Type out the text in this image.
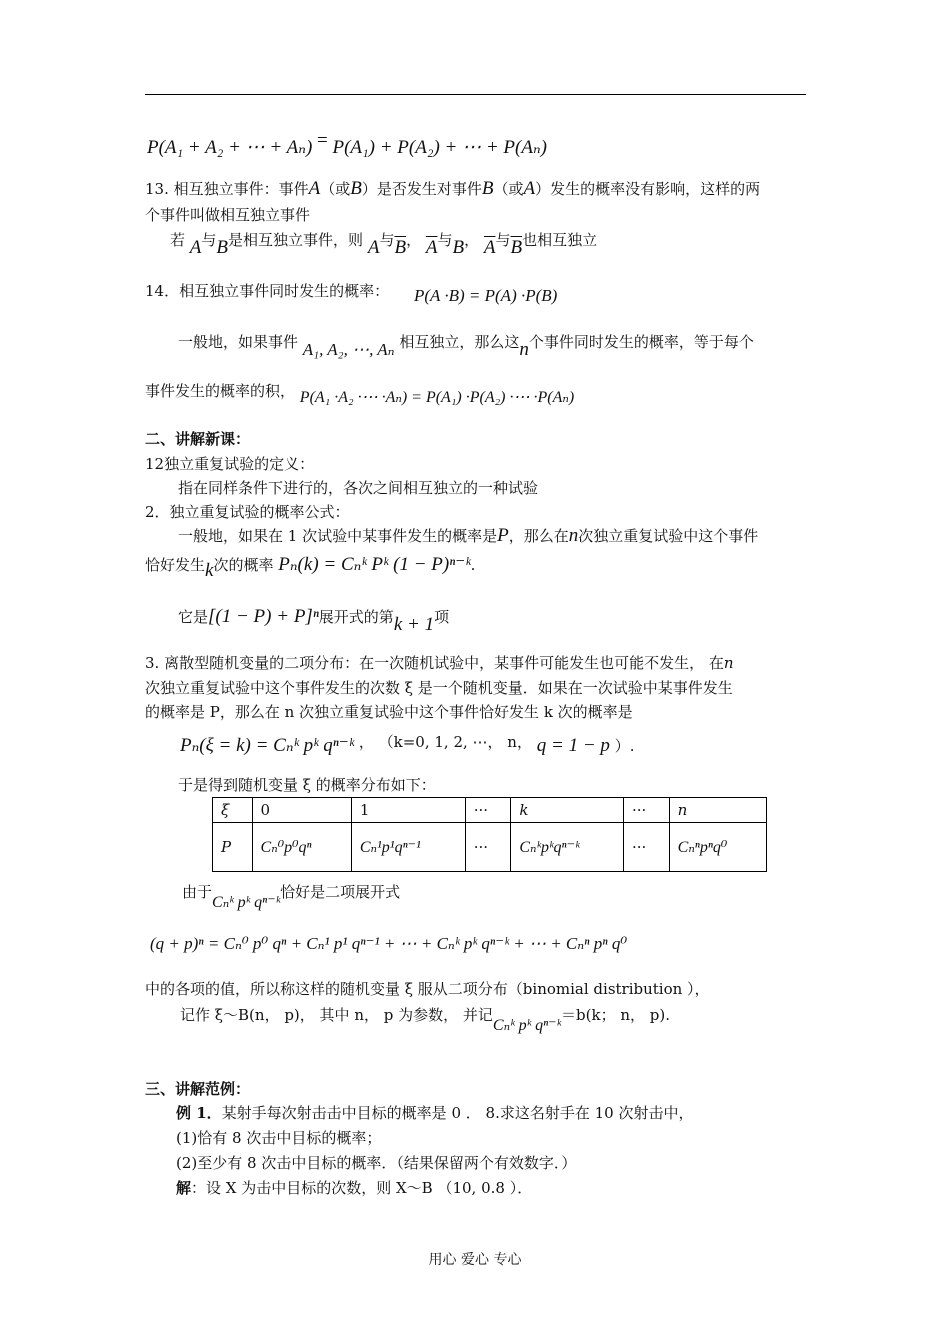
P(A₁ + A₂ + ⋯ + Aₙ) = P(A₁) + P(A₂) + ⋯ + P(Aₙ)
13. 相互独立事件：事件A（或B）是否发生对事件B（或A）发生的概率没有影响，这样的两
个事件叫做相互独立事件
若 A与B是相互独立事件，则 A与$\overline{B}$， $\overline{A}$与B， $\overline{A}$与$\overline{B}$也相互独立
14．相互独立事件同时发生的概率： P(A ·B) = P(A) ·P(B)
一般地，如果事件 A₁, A₂, ⋯, Aₙ 相互独立，那么这n个事件同时发生的概率，等于每个
事件发生的概率的积， P(A₁ ·A₂ ·⋯ ·Aₙ) = P(A₁) ·P(A₂) ·⋯ ·P(Aₙ)
二、讲解新课：
12独立重复试验的定义：
指在同样条件下进行的，各次之间相互独立的一种试验
2．独立重复试验的概率公式：
一般地，如果在 1 次试验中某事件发生的概率是P，那么在n次独立重复试验中这个事件
恰好发生k次的概率 Pₙ(k) = Cₙᵏ Pᵏ (1 − P)ⁿ⁻ᵏ.
它是[(1 − P) + P]ⁿ展开式的第k + 1项
3. 离散型随机变量的二项分布：在一次随机试验中，某事件可能发生也可能不发生， 在n
次独立重复试验中这个事件发生的次数 ξ 是一个随机变量．如果在一次试验中某事件发生
的概率是 P，那么在 n 次独立重复试验中这个事件恰好发生 k 次的概率是
Pₙ(ξ = k) = Cₙᵏ pᵏ qⁿ⁻ᵏ ， （k=0, 1, 2, ⋯， n， q = 1 − p ）.
于是得到随机变量 ξ 的概率分布如下：
ξ	0	1	···	k	···	n
P	Cₙ⁰p⁰qⁿ	Cₙ¹p¹qⁿ⁻¹	···	Cₙᵏpᵏqⁿ⁻ᵏ	···	Cₙⁿpⁿq⁰
由于Cₙᵏ pᵏ qⁿ⁻ᵏ恰好是二项展开式
(q + p)ⁿ = Cₙ⁰ p⁰ qⁿ + Cₙ¹ p¹ qⁿ⁻¹ + ⋯ + Cₙᵏ pᵏ qⁿ⁻ᵏ + ⋯ + Cₙⁿ pⁿ q⁰
中的各项的值，所以称这样的随机变量 ξ 服从二项分布（binomial distribution ），
记作 ξ～B(n， p)， 其中 n， p 为参数， 并记Cₙᵏ pᵏ qⁿ⁻ᵏ＝b(k； n， p).
三、讲解范例：
例 1．某射手每次射击击中目标的概率是 0 ． 8.求这名射手在 10 次射击中，
(1)恰有 8 次击中目标的概率；
(2)至少有 8 次击中目标的概率．（结果保留两个有效数字．）
解：设 X 为击中目标的次数，则 X～B （10, 0.8 ）．
用心 爱心 专心
